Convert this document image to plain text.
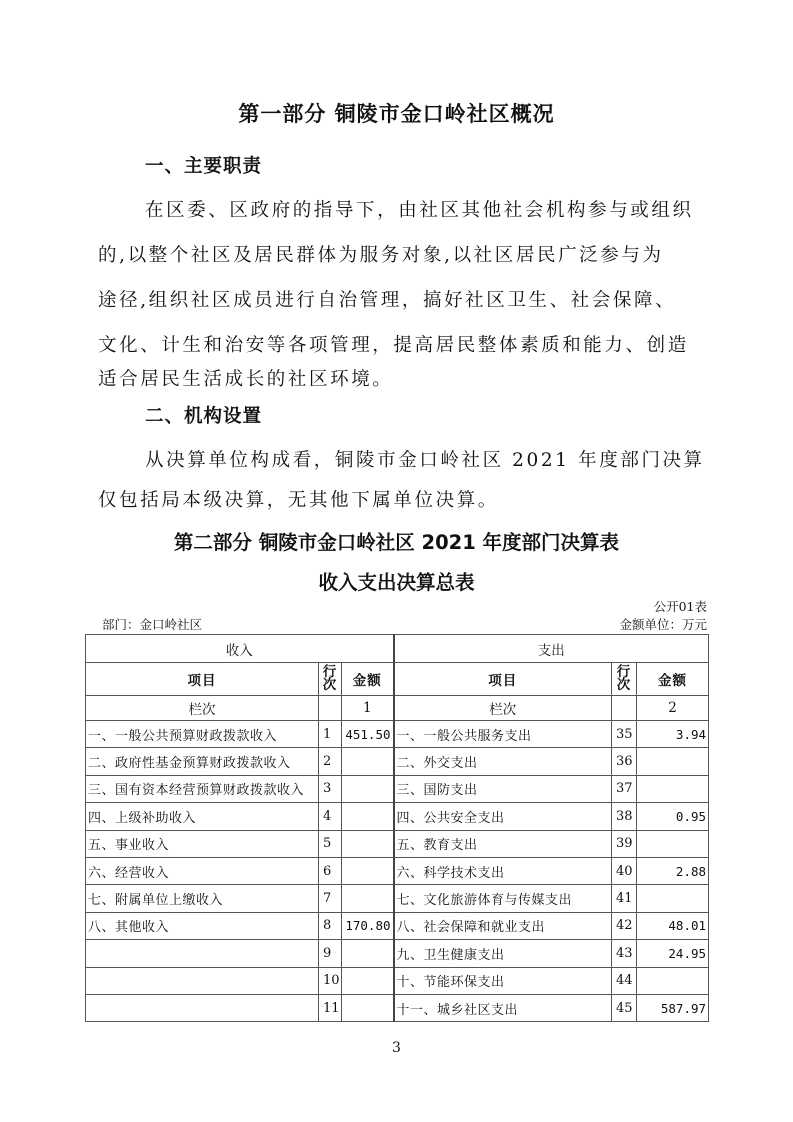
第一部分 铜陵市金口岭社区概况
一、主要职责
在区委、区政府的指导下，由社区其他社会机构参与或组织
的,以整个社区及居民群体为服务对象,以社区居民广泛参与为
途径,组织社区成员进行自治管理，搞好社区卫生、社会保障、
文化、计生和治安等各项管理，提高居民整体素质和能力、创造
适合居民生活成长的社区环境。
二、机构设置
从决算单位构成看，铜陵市金口岭社区 2021 年度部门决算
仅包括局本级决算，无其他下属单位决算。
第二部分 铜陵市金口岭社区 2021 年度部门决算表
收入支出决算总表
公开01表
部门：金口岭社区	金额单位：万元
收入			支出		
项目	行次	金额	项目	行次	金额
栏次		1	栏次		2
一、一般公共预算财政拨款收入	1	451.50	一、一般公共服务支出	35	3.94
二、政府性基金预算财政拨款收入	2		二、外交支出	36	
三、国有资本经营预算财政拨款收入	3		三、国防支出	37	
四、上级补助收入	4		四、公共安全支出	38	0.95
五、事业收入	5		五、教育支出	39	
六、经营收入	6		六、科学技术支出	40	2.88
七、附属单位上缴收入	7		七、文化旅游体育与传媒支出	41	
八、其他收入	8	170.80	八、社会保障和就业支出	42	48.01
	9		九、卫生健康支出	43	24.95
	10		十、节能环保支出	44	
	11		十一、城乡社区支出	45	587.97
3
